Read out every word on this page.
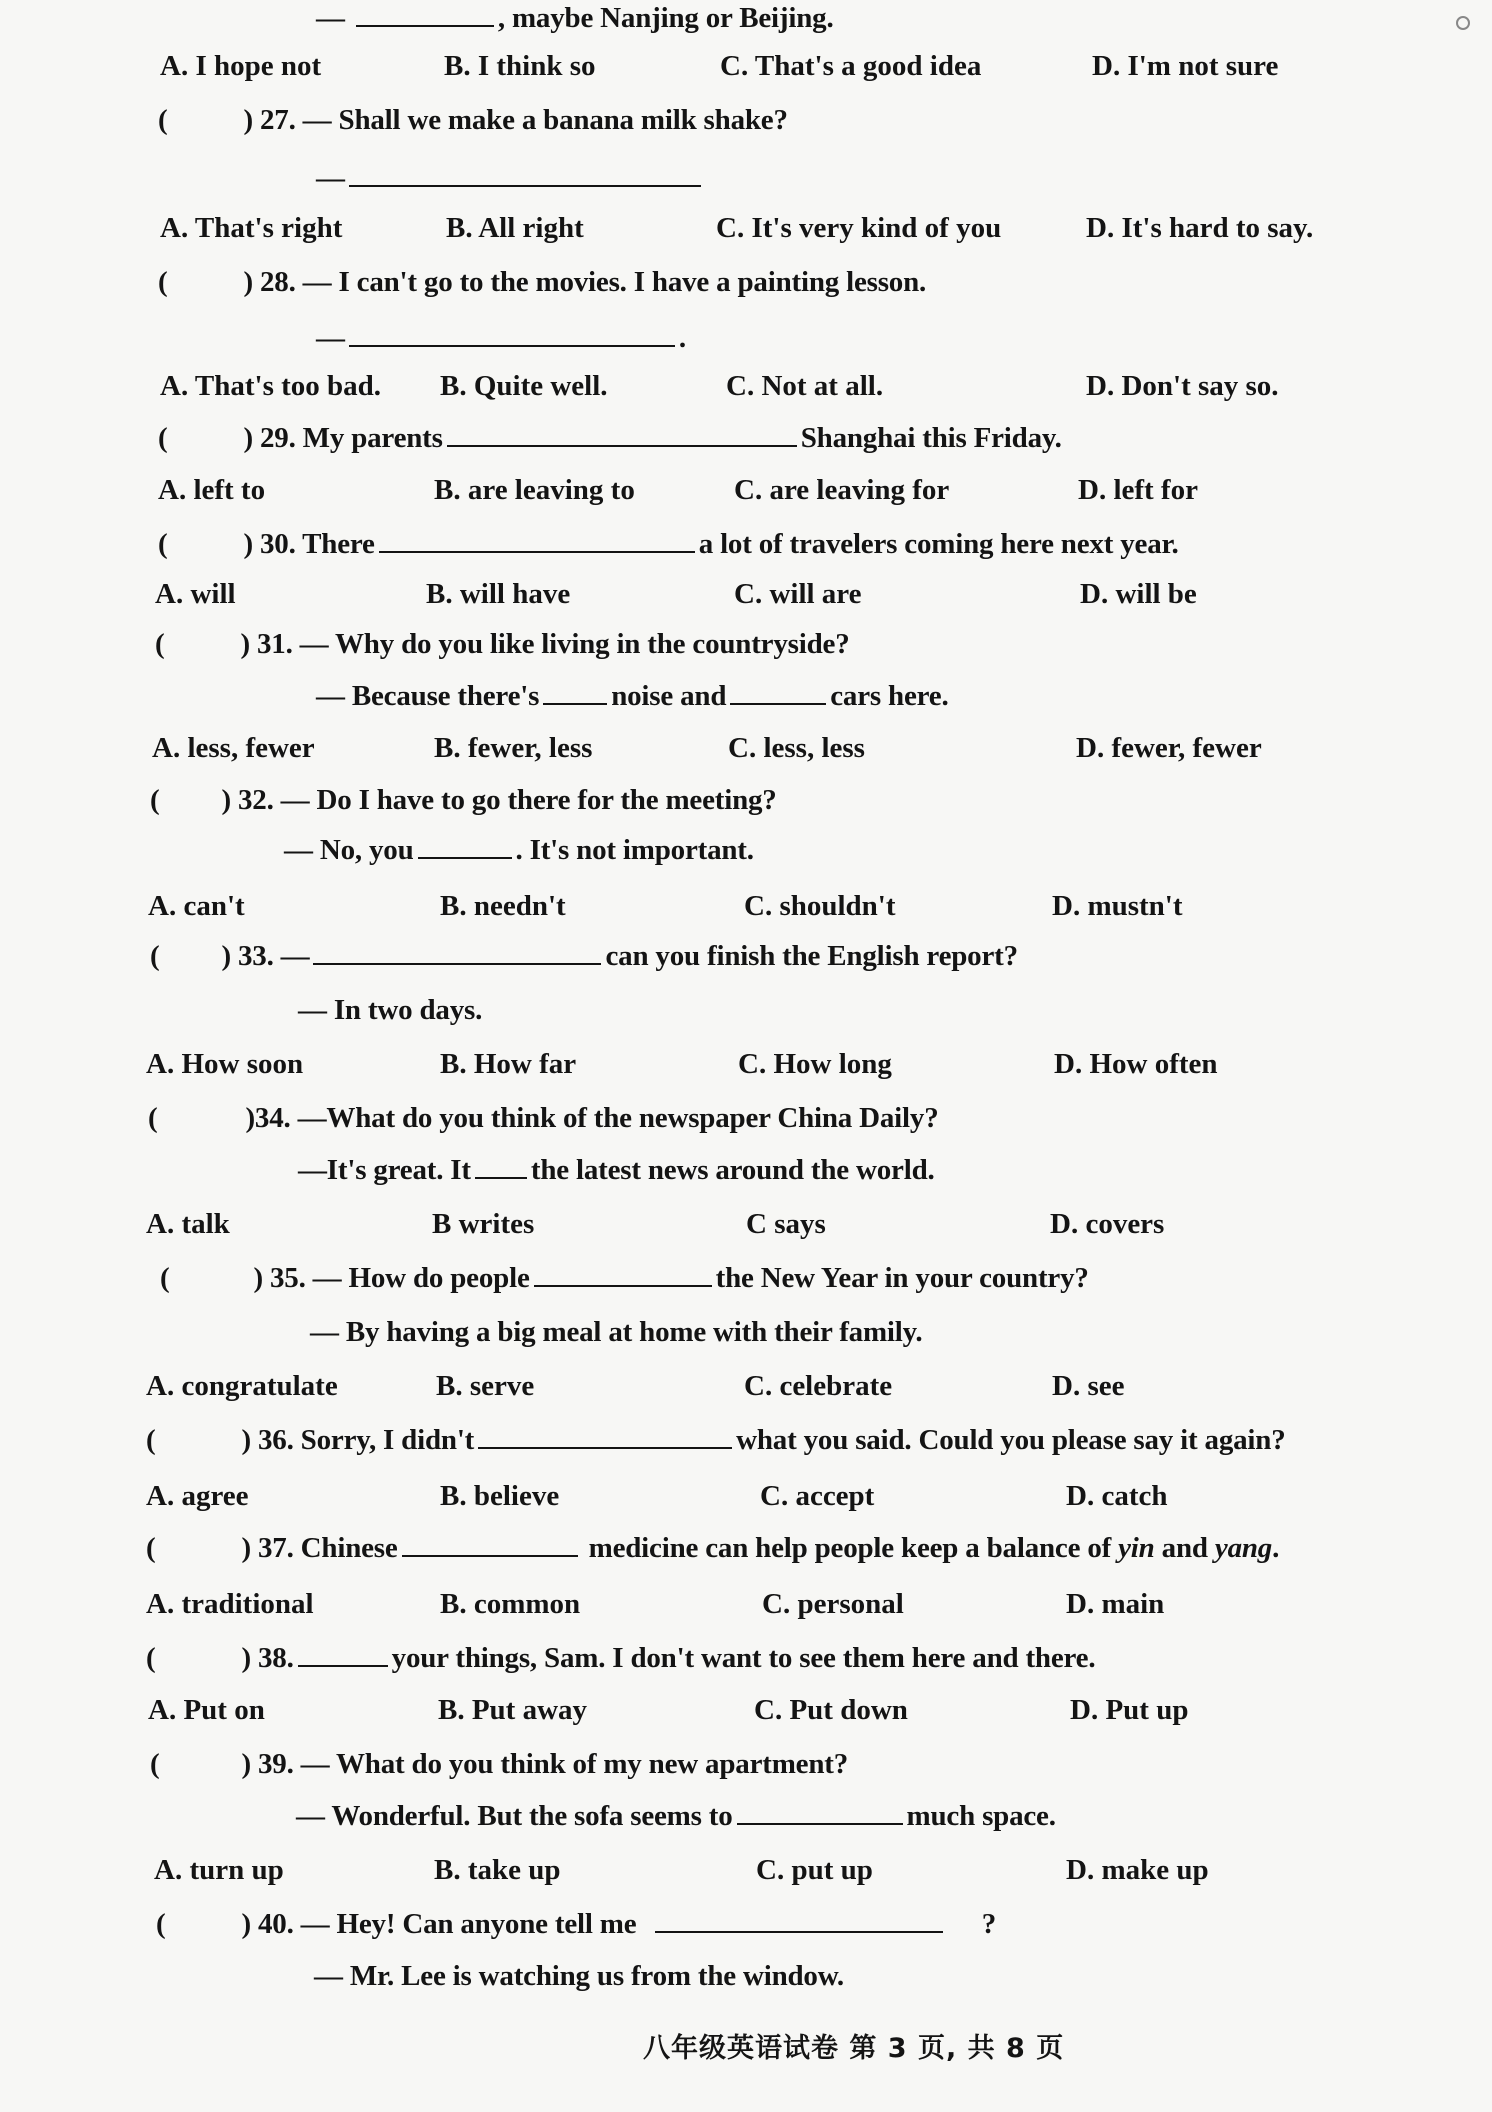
—	, maybe Nanjing or Beijing.
A. I hope not	B. I think so	C. That's a good idea	D. I'm not sure
(	) 27. — Shall we make a banana milk shake?
—
A. That's right	B. All right	C. It's very kind of you	D. It's hard to say.
(	) 28. — I can't go to the movies. I have a painting lesson.
—	.
A. That's too bad. B. Quite well.	C. Not at all.	D. Don't say so.
(	) 29. My parents	Shanghai this Friday.
A. left to	B. are leaving to	C. are leaving for	D. left for
(	) 30. There	a lot of travelers coming here next year.
A. will	B. will have	C. will are	D. will be
(	) 31. — Why do you like living in the countryside?
— Because there's noise and	cars here.
A. less, fewer	B. fewer, less	C. less, less	D. fewer, fewer
( ) 32. — Do I have to go there for the meeting?
— No, you	. It's not important.
A. can't	B. needn't	C. shouldn't	D. mustn't
( ) 33. —	can you finish the English report?
— In two days.
A. How soon	B. How far	C. How long	D. How often
(	)34. —What do you think of the newspaper China Daily?
—It's great. It the latest news around the world.
A. talk	B writes	C says	D. covers
(	) 35. — How do people	the New Year in your country?
— By having a big meal at home with their family.
A. congratulate	B. serve	C. celebrate	D. see
(	) 36. Sorry, I didn't	what you said. Could you please say it again?
A. agree	B. believe	C. accept	D. catch
(	) 37. Chinese	medicine can help people keep a balance of yin and yang.
A. traditional	B. common	C. personal	D. main
(	) 38.	your things, Sam. I don't want to see them here and there.
A. Put on	B. Put away	C. Put down	D. Put up
(	) 39. — What do you think of my new apartment?
— Wonderful. But the sofa seems to	much space.
A. turn up	B. take up	C. put up	D. make up
(	) 40. — Hey! Can anyone tell me	?
— Mr. Lee is watching us from the window.
八年级英语试卷 第 3 页, 共 8 页
